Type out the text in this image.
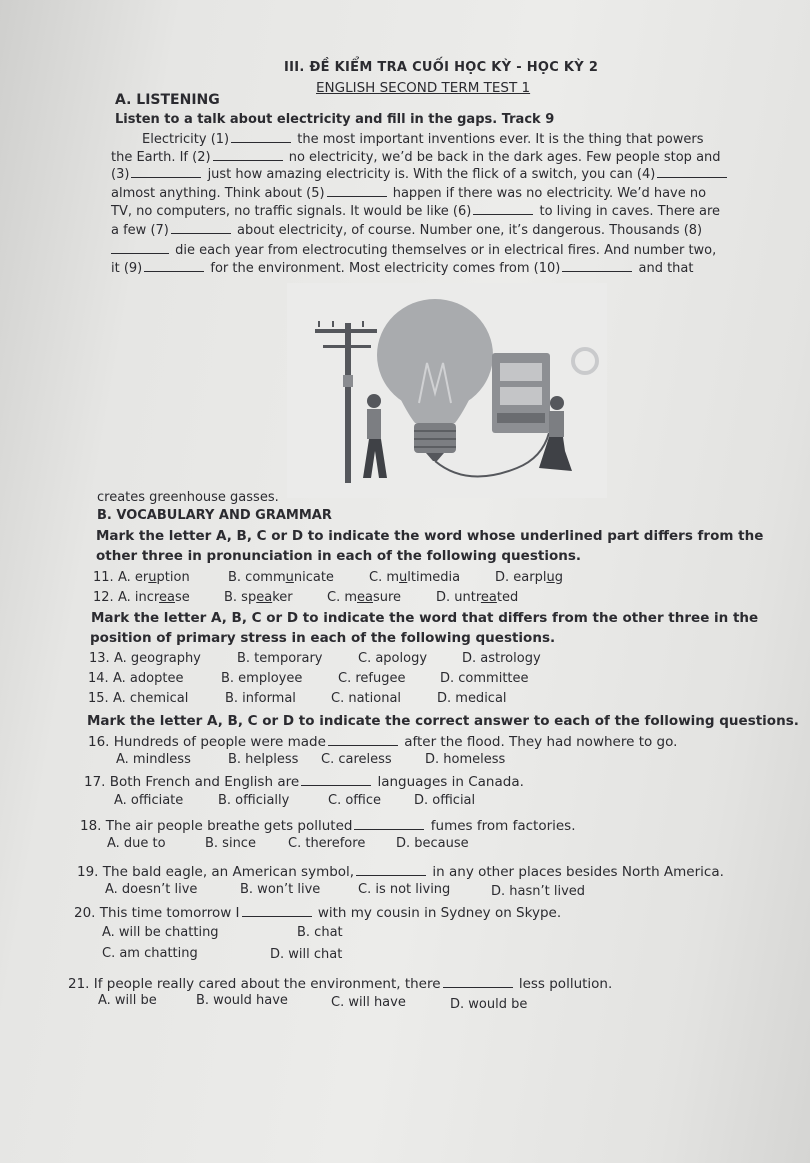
III. ĐỀ KIỂM TRA CUỐI HỌC KỲ - HỌC KỲ 2
ENGLISH SECOND TERM TEST 1
A. LISTENING
Listen to a talk about electricity and fill in the gaps. Track 9
Electricity (1)	the most important inventions ever. It is the thing that powers
the Earth. If (2)	no electricity, we’d be back in the dark ages. Few people stop and
(3)	just how amazing electricity is. With the flick of a switch, you can (4)
almost anything. Think about (5)	happen if there was no electricity. We’d have no
TV, no computers, no traffic signals. It would be like (6)	to living in caves. There are
a few (7)	about electricity, of course. Number one, it’s dangerous. Thousands (8)
die each year from electrocuting themselves or in electrical fires. And number two,
it (9)	for the environment. Most electricity comes from (10)	and that
creates greenhouse gasses.
B. VOCABULARY AND GRAMMAR
Mark the letter A, B, C or D to indicate the word whose underlined part differs from the
other three in pronunciation in each of the following questions.
11. A. eruption	B. communicate	C. multimedia	D. earplug
12. A. increase	B. speaker	C. measure	D. untreated
Mark the letter A, B, C or D to indicate the word that differs from the other three in the
position of primary stress in each of the following questions.
13. A. geography	B. temporary	C. apology	D. astrology
14. A. adoptee	B. employee	C. refugee	D. committee
15. A. chemical	B. informal	C. national	D. medical
Mark the letter A, B, C or D to indicate the correct answer to each of the following questions.
16. Hundreds of people were made	after the flood. They had nowhere to go.
A. mindless	B. helpless C. careless	D. homeless
17. Both French and English are	languages in Canada.
A. officiate	B. officially	C. office	D. official
18. The air people breathe gets polluted	fumes from factories.
A. due to	B. since C. therefore D. because
19. The bald eagle, an American symbol,	in any other places besides North America.
A. doesn’t live	B. won’t live	C. is not living	D. hasn’t lived
20. This time tomorrow I	with my cousin in Sydney on Skype.
A. will be chatting	B. chat
C. am chatting	D. will chat
21. If people really cared about the environment, there	less pollution.
A. will be	B. would have	C. will have	D. would be
